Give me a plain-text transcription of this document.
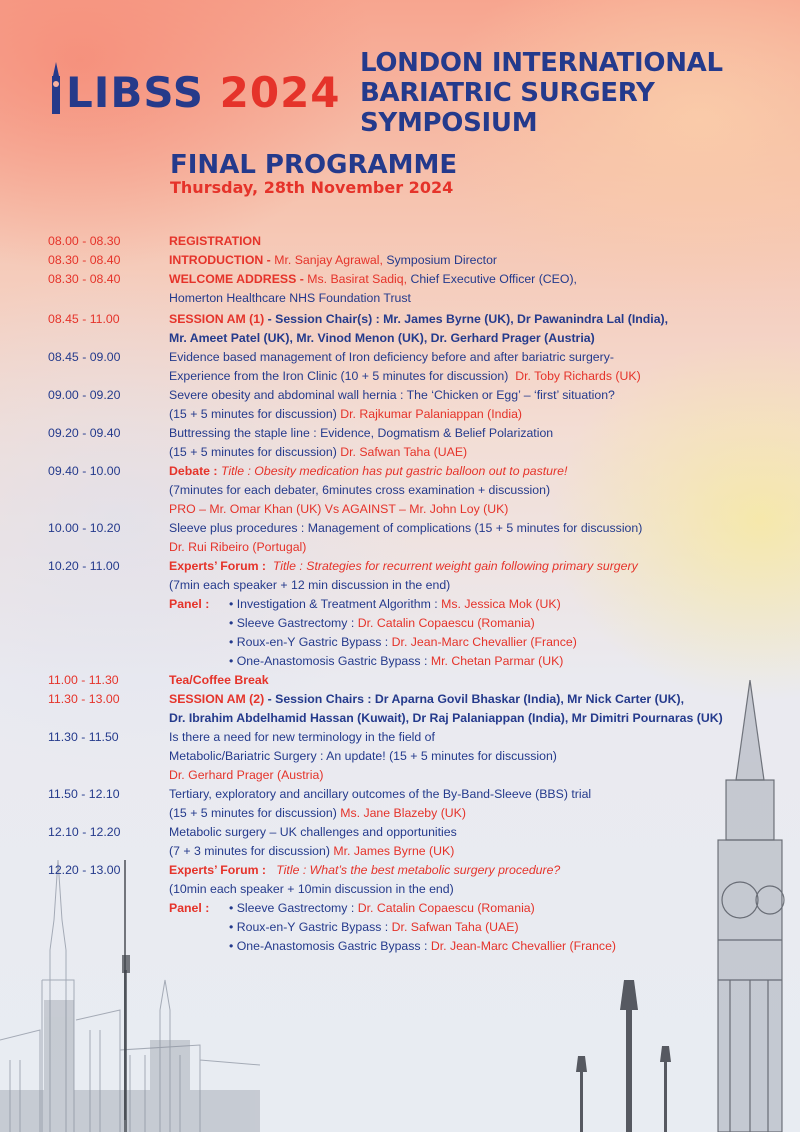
LIBSS 2024
LONDON INTERNATIONAL
BARIATRIC SURGERY SYMPOSIUM
FINAL PROGRAMME
Thursday, 28th November 2024
08.00 - 08.30	REGISTRATION
08.30 - 08.40	INTRODUCTION - Mr. Sanjay Agrawal, Symposium Director
08.30 - 08.40	WELCOME ADDRESS - Ms. Basirat Sadiq, Chief Executive Officer (CEO),
Homerton Healthcare NHS Foundation Trust
08.45 - 11.00	SESSION AM (1) - Session Chair(s) : Mr. James Byrne (UK), Dr Pawanindra Lal (India),
Mr. Ameet Patel (UK), Mr. Vinod Menon (UK), Dr. Gerhard Prager (Austria)
08.45 - 09.00	Evidence based management of Iron deficiency before and after bariatric surgery-
Experience from the Iron Clinic (10 + 5 minutes for discussion) Dr. Toby Richards (UK)
09.00 - 09.20	Severe obesity and abdominal wall hernia : The ‘Chicken or Egg’ – ‘first’ situation?
(15 + 5 minutes for discussion) Dr. Rajkumar Palaniappan (India)
09.20 - 09.40	Buttressing the staple line : Evidence, Dogmatism & Belief Polarization
(15 + 5 minutes for discussion) Dr. Safwan Taha (UAE)
09.40 - 10.00	Debate : Title : Obesity medication has put gastric balloon out to pasture!
(7minutes for each debater, 6minutes cross examination + discussion)
PRO – Mr. Omar Khan (UK) Vs AGAINST – Mr. John Loy (UK)
10.00 - 10.20	Sleeve plus procedures : Management of complications (15 + 5 minutes for discussion)
Dr. Rui Ribeiro (Portugal)
10.20 - 11.00	Experts’ Forum : Title : Strategies for recurrent weight gain following primary surgery
(7min each speaker + 12 min discussion in the end)
Panel :	• Investigation & Treatment Algorithm : Ms. Jessica Mok (UK)
• Sleeve Gastrectomy : Dr. Catalin Copaescu (Romania)
• Roux-en-Y Gastric Bypass : Dr. Jean-Marc Chevallier (France)
• One-Anastomosis Gastric Bypass : Mr. Chetan Parmar (UK)
11.00 - 11.30	Tea/Coffee Break
11.30 - 13.00	SESSION AM (2) - Session Chairs : Dr Aparna Govil Bhaskar (India), Mr Nick Carter (UK),
Dr. Ibrahim Abdelhamid Hassan (Kuwait), Dr Raj Palaniappan (India), Mr Dimitri Pournaras (UK)
11.30 - 11.50	Is there a need for new terminology in the field of
Metabolic/Bariatric Surgery : An update! (15 + 5 minutes for discussion)
Dr. Gerhard Prager (Austria)
11.50 - 12.10	Tertiary, exploratory and ancillary outcomes of the By-Band-Sleeve (BBS) trial
(15 + 5 minutes for discussion) Ms. Jane Blazeby (UK)
12.10 - 12.20	Metabolic surgery – UK challenges and opportunities
(7 + 3 minutes for discussion) Mr. James Byrne (UK)
12.20 - 13.00	Experts’ Forum : Title : What’s the best metabolic surgery procedure?
(10min each speaker + 10min discussion in the end)
Panel :	• Sleeve Gastrectomy : Dr. Catalin Copaescu (Romania)
• Roux-en-Y Gastric Bypass : Dr. Safwan Taha (UAE)
• One-Anastomosis Gastric Bypass : Dr. Jean-Marc Chevallier (France)
